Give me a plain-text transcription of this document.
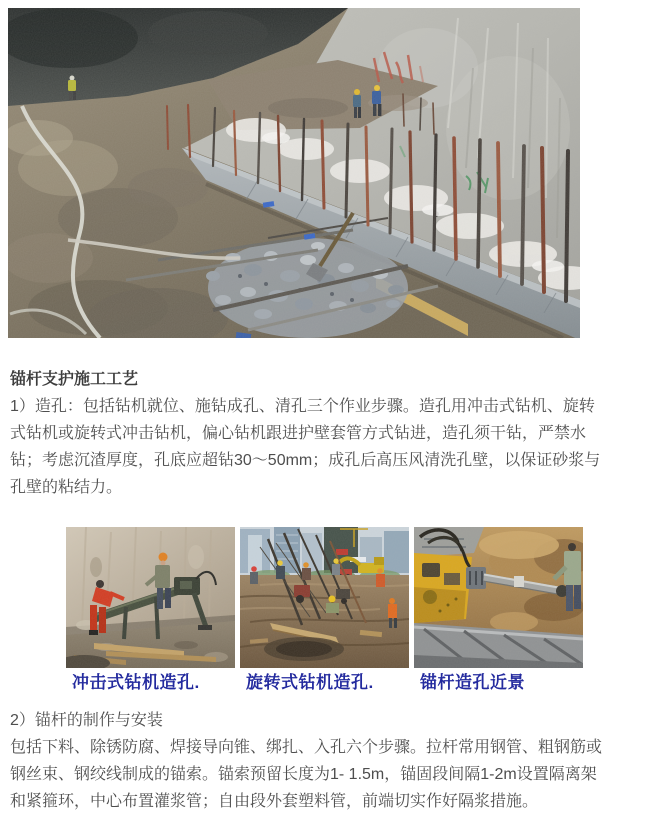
锚杆支护施工工艺

1）造孔：包括钻机就位、施钻成孔、清孔三个作业步骤。造孔用冲击式钻机、旋转式钻机或旋转式冲击钻机，偏心钻机跟进护壁套管方式钻进，造孔须干钻，严禁水钻；考虑沉渣厚度，孔底应超钻30～50mm；成孔后高压风清洗孔壁，以保证砂浆与孔壁的粘结力。

冲击式钻机造孔.	旋转式钻机造孔.	锚杆造孔近景

2）锚杆的制作与安装

包括下料、除锈防腐、焊接导向锥、绑扎、入孔六个步骤。拉杆常用钢管、粗钢筋或钢丝束、钢绞线制成的锚索。锚索预留长度为1- 1.5m，锚固段间隔1-2m设置隔离架和紧箍环，中心布置灌浆管；自由段外套塑料管，前端切实作好隔浆措施。
